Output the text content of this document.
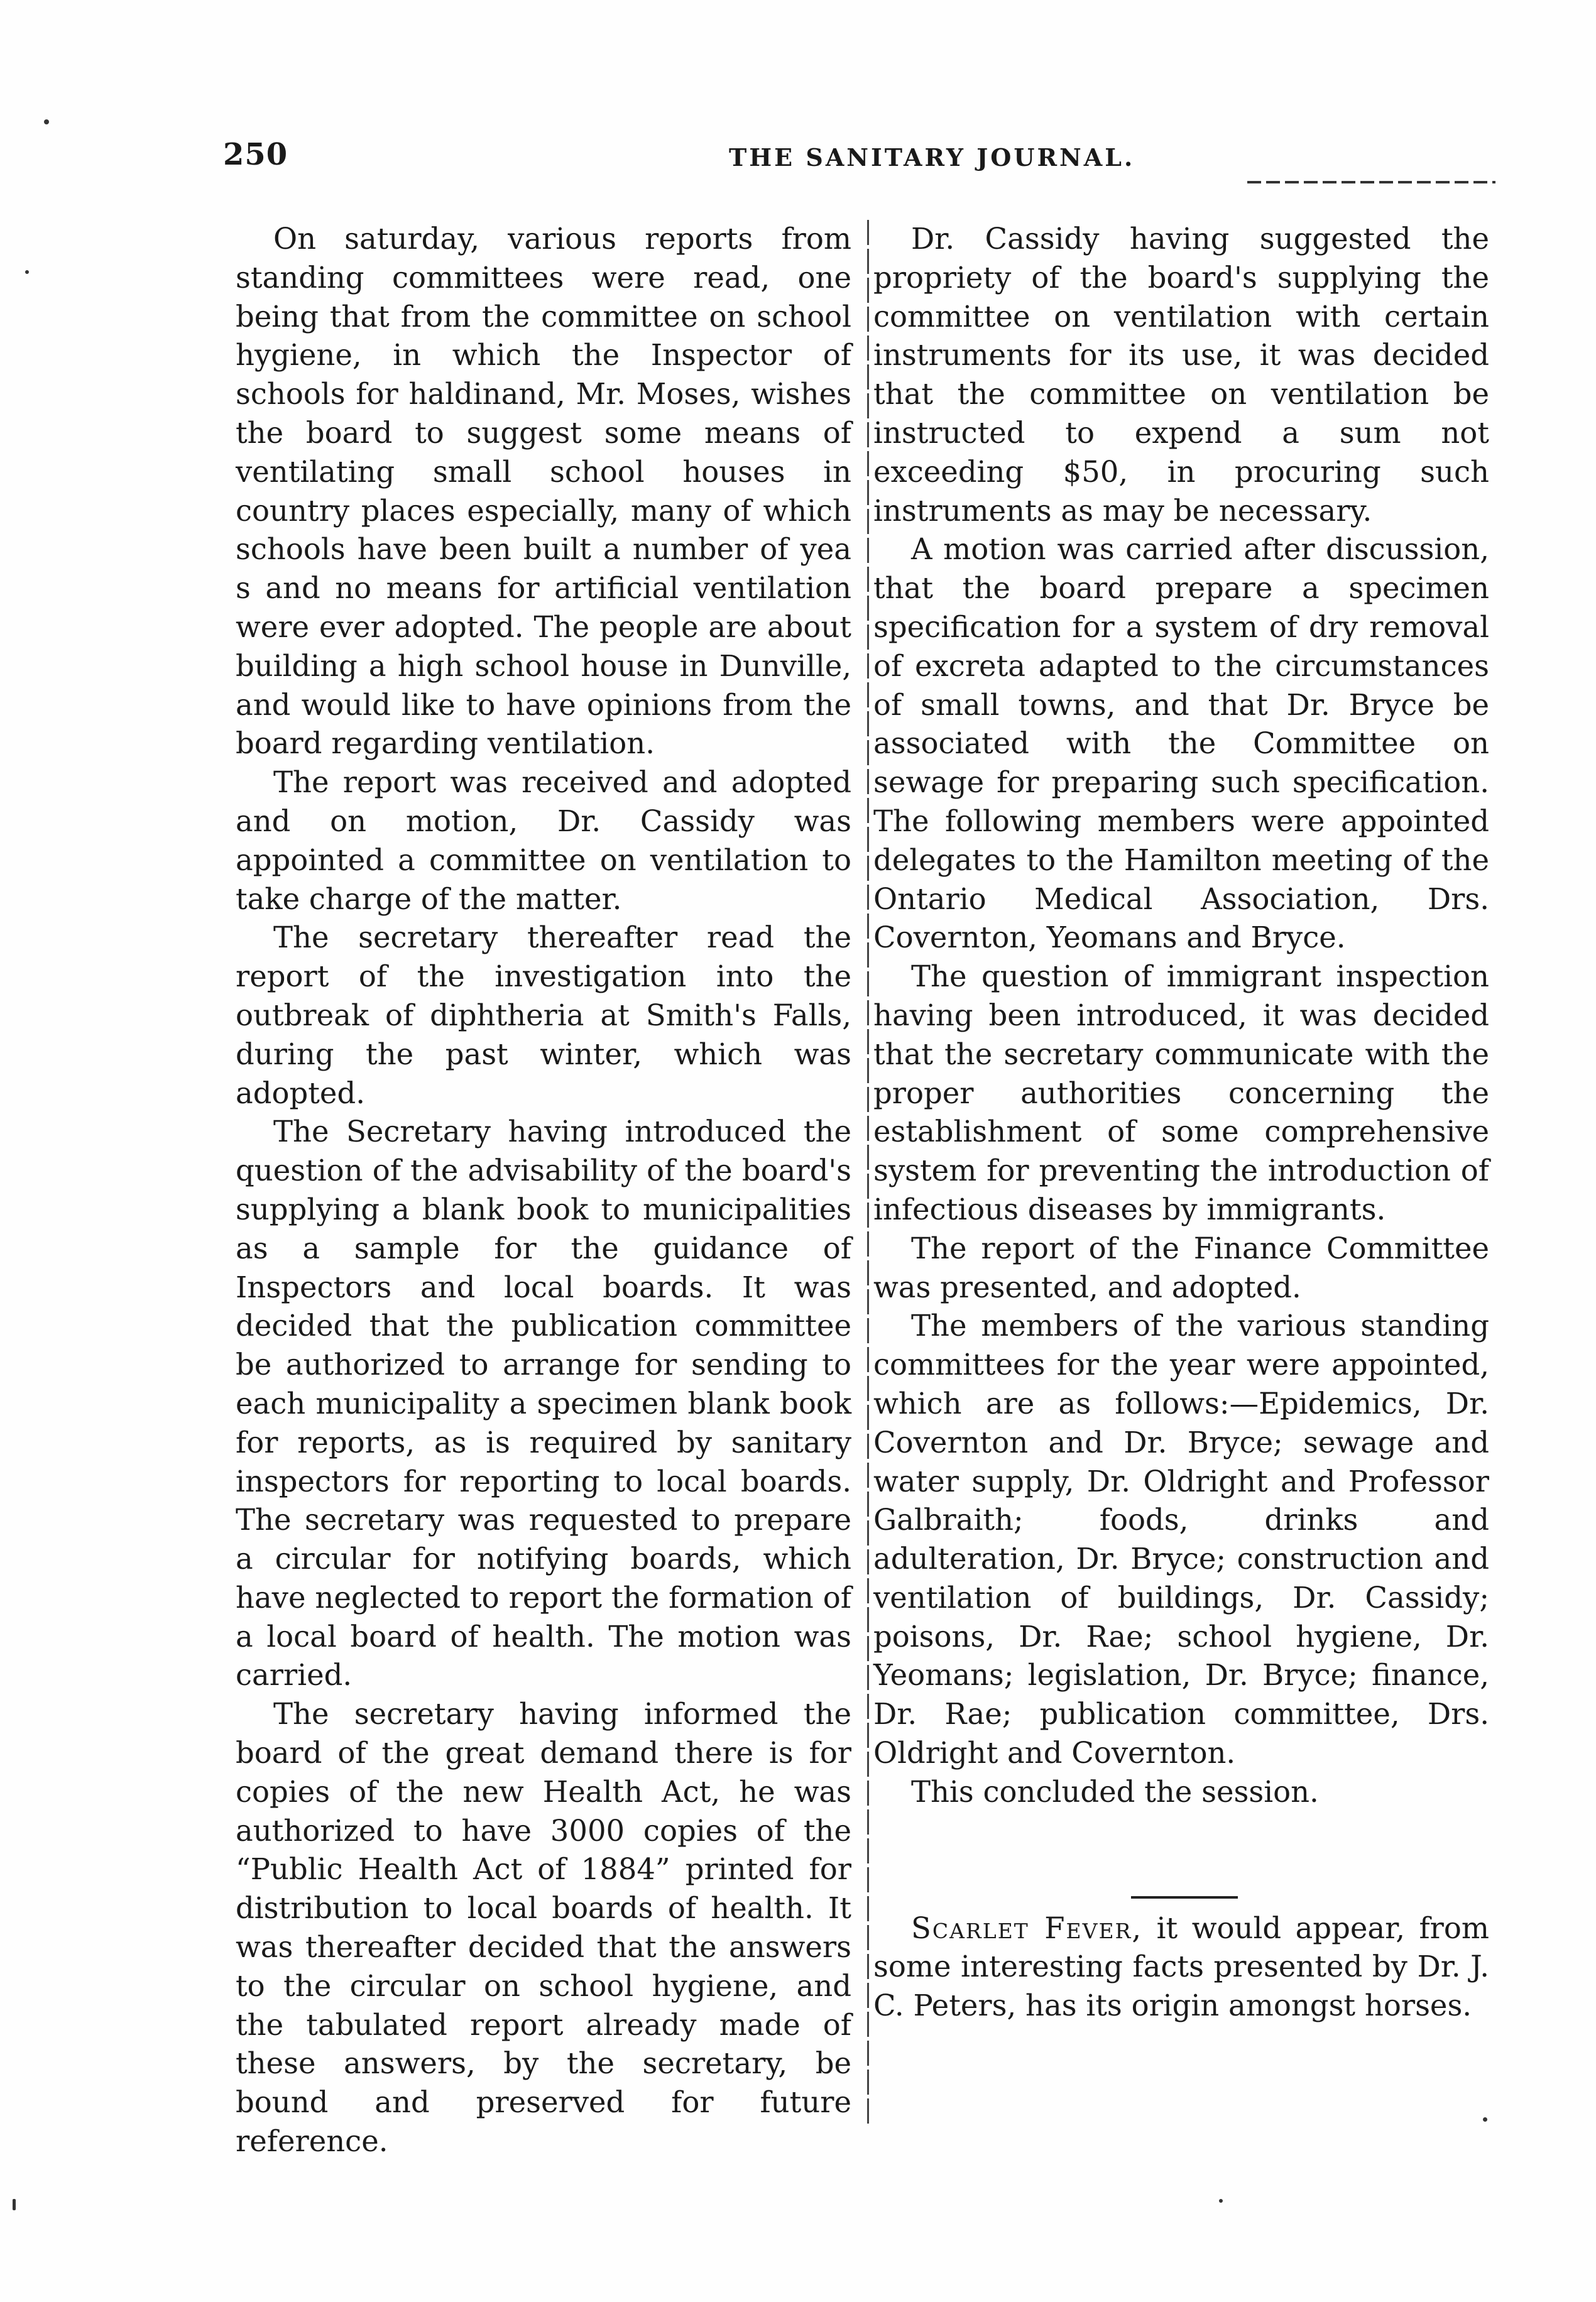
250	THE SANITARY JOURNAL.

On saturday, various reports from standing committees were read, one being that from the committee on school hygiene, in which the Inspector of schools for haldinand, Mr. Moses, wishes the board to suggest some means of ventilating small school houses in country places especially, many of which schools have been built a number of yea s and no means for artificial ventilation were ever adopted. The people are about building a high school house in Dunville, and would like to have opinions from the board regarding ventilation.

The report was received and adopted and on motion, Dr. Cassidy was appointed a committee on ventilation to take charge of the matter.

The secretary thereafter read the report of the investigation into the outbreak of diphtheria at Smith's Falls, during the past winter, which was adopted.

The Secretary having introduced the question of the advisability of the board's supplying a blank book to municipalities as a sample for the guidance of Inspectors and local boards. It was decided that the publication committee be authorized to arrange for sending to each municipality a specimen blank book for reports, as is required by sanitary inspectors for reporting to local boards. The secretary was requested to prepare a circular for notifying boards, which have neglected to report the formation of a local board of health. The motion was carried.

The secretary having informed the board of the great demand there is for copies of the new Health Act, he was authorized to have 3000 copies of the “Public Health Act of 1884” printed for distribution to local boards of health. It was thereafter decided that the answers to the circular on school hygiene, and the tabulated report already made of these answers, by the secretary, be bound and preserved for future reference.

Dr. Cassidy having suggested the propriety of the board's supplying the committee on ventilation with certain instruments for its use, it was decided that the committee on ventilation be instructed to expend a sum not exceeding $50, in procuring such instruments as may be necessary.

A motion was carried after discussion, that the board prepare a specimen specification for a system of dry removal of excreta adapted to the circumstances of small towns, and that Dr. Bryce be associated with the Committee on sewage for preparing such specification. The following members were appointed delegates to the Hamilton meeting of the Ontario Medical Association, Drs. Covernton, Yeomans and Bryce.

The question of immigrant inspection having been introduced, it was decided that the secretary communicate with the proper authorities concerning the establishment of some comprehensive system for preventing the introduction of infectious diseases by immigrants.

The report of the Finance Committee was presented, and adopted.

The members of the various standing committees for the year were appointed, which are as follows:—Epidemics, Dr. Covernton and Dr. Bryce; sewage and water supply, Dr. Oldright and Professor Galbraith; foods, drinks and adulteration, Dr. Bryce; construction and ventilation of buildings, Dr. Cassidy; poisons, Dr. Rae; school hygiene, Dr. Yeomans; legislation, Dr. Bryce; finance, Dr. Rae; publication committee, Drs. Oldright and Covernton.

This concluded the session.

Scarlet Fever, it would appear, from some interesting facts presented by Dr. J. C. Peters, has its origin amongst horses.
